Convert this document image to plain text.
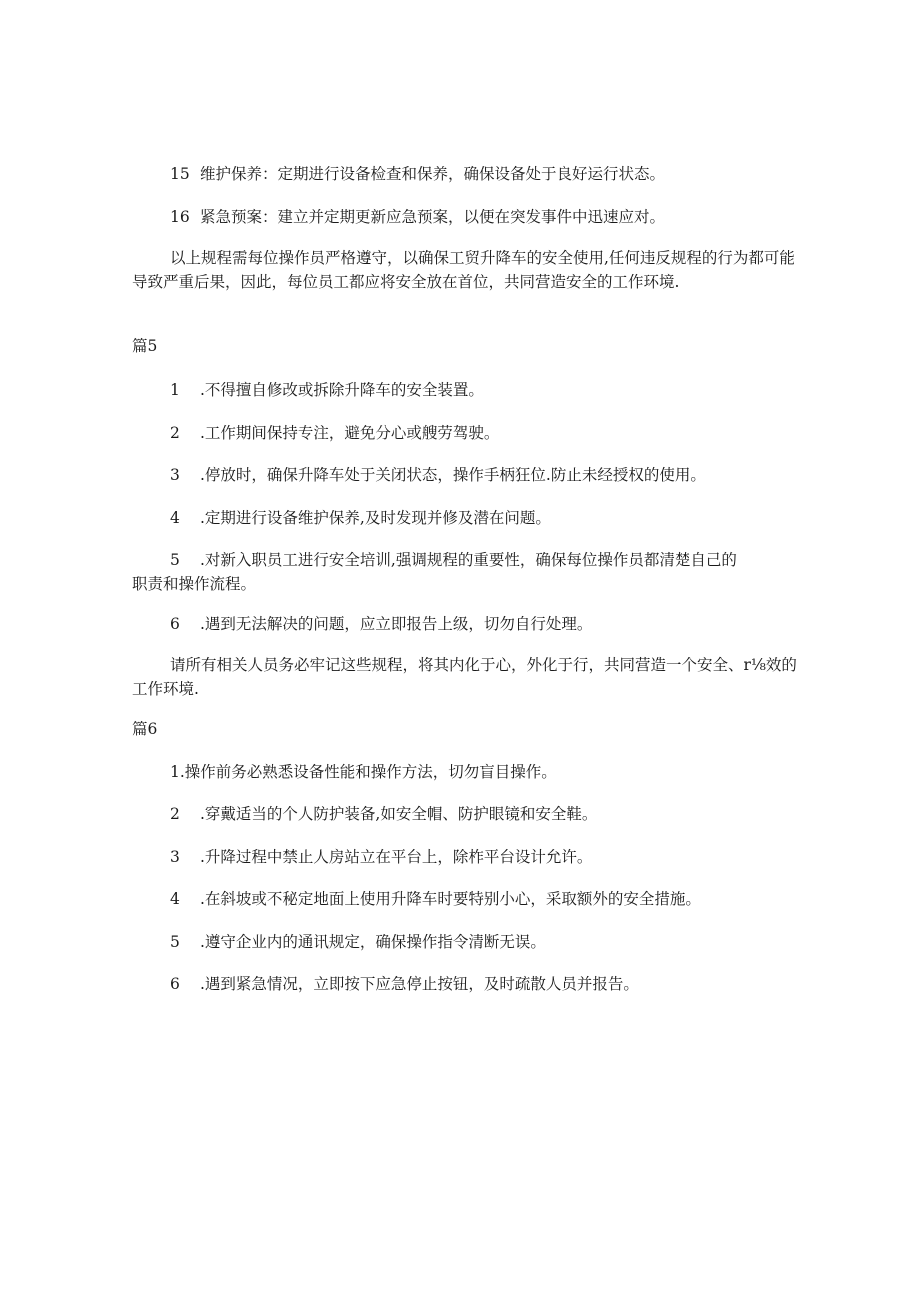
15 维护保养：定期进行设备检查和保养，确保设备处于良好运行状态。
16 紧急预案：建立并定期更新应急预案，以便在突发事件中迅速应对。
以上规程需每位操作员严格遵守，以确保工贸升降车的安全使用,任何违反规程的行为都可能导致严重后果，因此，每位员工都应将安全放在首位，共同营造安全的工作环境.
篇5
1 .不得擅自修改或拆除升降车的安全装置。
2 .工作期间保持专注，避免分心或艘劳驾驶。
3 .停放时，确保升降车处于关闭状态，操作手柄狂位.防止未经授权的使用。
4 .定期进行设备维护保养,及时发现并修及潜在问题。
5 .对新入职员工进行安全培训,强调规程的重要性，确保每位操作员都清楚自己的
职责和操作流程。
6 .遇到无法解决的问题，应立即报告上级，切勿自行处理。
请所有相关人员务必牢记这些规程，将其内化于心，外化于行，共同营造一个安全、r⅛效的工作环境.
篇6
1.操作前务必熟悉设备性能和操作方法，切勿盲目操作。
2 .穿戴适当的个人防护装备,如安全帽、防护眼镜和安全鞋。
3 .升降过程中禁止人房站立在平台上，除柞平台设计允许。
4 .在斜坡或不秘定地面上使用升降车时要特别小心，采取额外的安全措施。
5 .遵守企业内的通讯规定，确保操作指令清断无误。
6 .遇到紧急情况，立即按下应急停止按钮，及时疏散人员并报告。
